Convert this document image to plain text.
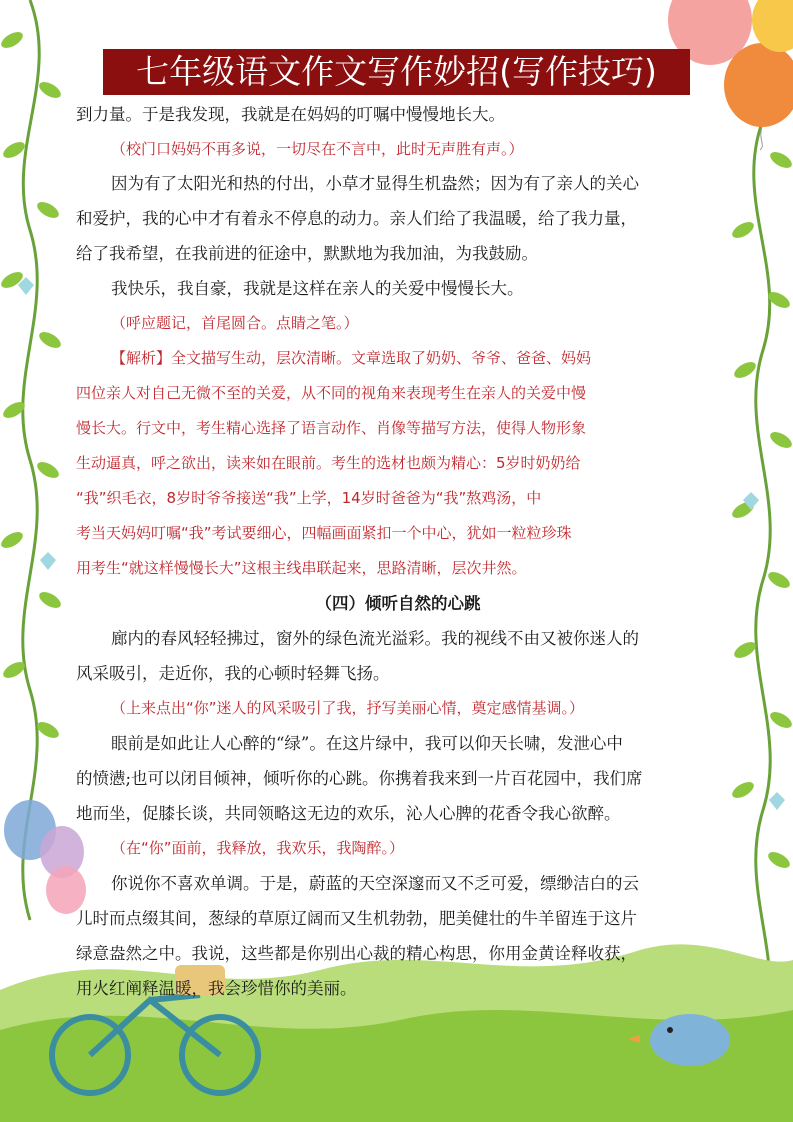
七年级语文作文写作妙招(写作技巧)
到力量。于是我发现，我就是在妈妈的叮嘱中慢慢地长大。
（校门口妈妈不再多说，一切尽在不言中，此时无声胜有声。）
因为有了太阳光和热的付出，小草才显得生机盎然；因为有了亲人的关心
和爱护，我的心中才有着永不停息的动力。亲人们给了我温暖，给了我力量，
给了我希望，在我前进的征途中，默默地为我加油，为我鼓励。
我快乐，我自豪，我就是这样在亲人的关爱中慢慢长大。
（呼应题记，首尾圆合。点睛之笔。）
【解析】全文描写生动，层次清晰。文章选取了奶奶、爷爷、爸爸、妈妈
四位亲人对自己无微不至的关爱，从不同的视角来表现考生在亲人的关爱中慢
慢长大。行文中，考生精心选择了语言动作、肖像等描写方法，使得人物形象
生动逼真，呼之欲出，读来如在眼前。考生的选材也颇为精心：5岁时奶奶给
“我”织毛衣，8岁时爷爷接送“我”上学，14岁时爸爸为“我”熬鸡汤，中
考当天妈妈叮嘱“我”考试要细心，四幅画面紧扣一个中心，犹如一粒粒珍珠
用考生“就这样慢慢长大”这根主线串联起来，思路清晰，层次井然。
（四）倾听自然的心跳
廊内的春风轻轻拂过，窗外的绿色流光溢彩。我的视线不由又被你迷人的
风采吸引，走近你，我的心顿时轻舞飞扬。
（上来点出“你”迷人的风采吸引了我，抒写美丽心情，奠定感情基调。）
眼前是如此让人心醉的“绿”。在这片绿中，我可以仰天长啸，发泄心中
的愤懑;也可以闭目倾神，倾听你的心跳。你携着我来到一片百花园中，我们席
地而坐，促膝长谈，共同领略这无边的欢乐，沁人心脾的花香令我心欲醉。
（在“你”面前，我释放，我欢乐，我陶醉。）
你说你不喜欢单调。于是，蔚蓝的天空深邃而又不乏可爱，缥缈洁白的云
儿时而点缀其间，葱绿的草原辽阔而又生机勃勃，肥美健壮的牛羊留连于这片
绿意盎然之中。我说，这些都是你别出心裁的精心构思，你用金黄诠释收获，
用火红阐释温暖，我会珍惜你的美丽。
